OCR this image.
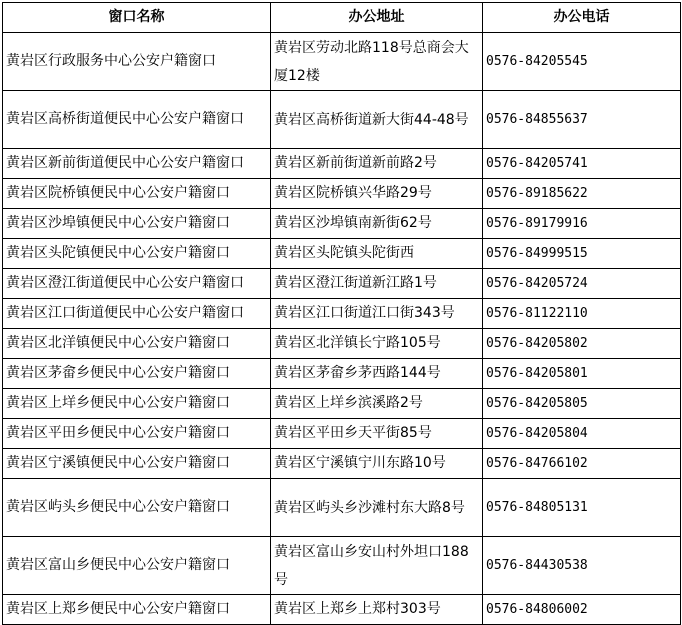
窗口名称	办公地址	办公电话
黄岩区行政服务中心公安户籍窗口	黄岩区劳动北路118号总商会大厦12楼	0576-84205545
黄岩区高桥街道便民中心公安户籍窗口	黄岩区高桥街道新大街44-48号	0576-84855637
黄岩区新前街道便民中心公安户籍窗口	黄岩区新前街道新前路2号	0576-84205741
黄岩区院桥镇便民中心公安户籍窗口	黄岩区院桥镇兴华路29号	0576-89185622
黄岩区沙埠镇便民中心公安户籍窗口	黄岩区沙埠镇南新街62号	0576-89179916
黄岩区头陀镇便民中心公安户籍窗口	黄岩区头陀镇头陀街西	0576-84999515
黄岩区澄江街道便民中心公安户籍窗口	黄岩区澄江街道新江路1号	0576-84205724
黄岩区江口街道便民中心公安户籍窗口	黄岩区江口街道江口街343号	0576-81122110
黄岩区北洋镇便民中心公安户籍窗口	黄岩区北洋镇长宁路105号	0576-84205802
黄岩区茅畲乡便民中心公安户籍窗口	黄岩区茅畲乡茅西路144号	0576-84205801
黄岩区上垟乡便民中心公安户籍窗口	黄岩区上垟乡滨溪路2号	0576-84205805
黄岩区平田乡便民中心公安户籍窗口	黄岩区平田乡天平街85号	0576-84205804
黄岩区宁溪镇便民中心公安户籍窗口	黄岩区宁溪镇宁川东路10号	0576-84766102
黄岩区屿头乡便民中心公安户籍窗口	黄岩区屿头乡沙滩村东大路8号	0576-84805131
黄岩区富山乡便民中心公安户籍窗口	黄岩区富山乡安山村外坦口188号	0576-84430538
黄岩区上郑乡便民中心公安户籍窗口	黄岩区上郑乡上郑村303号	0576-84806002
